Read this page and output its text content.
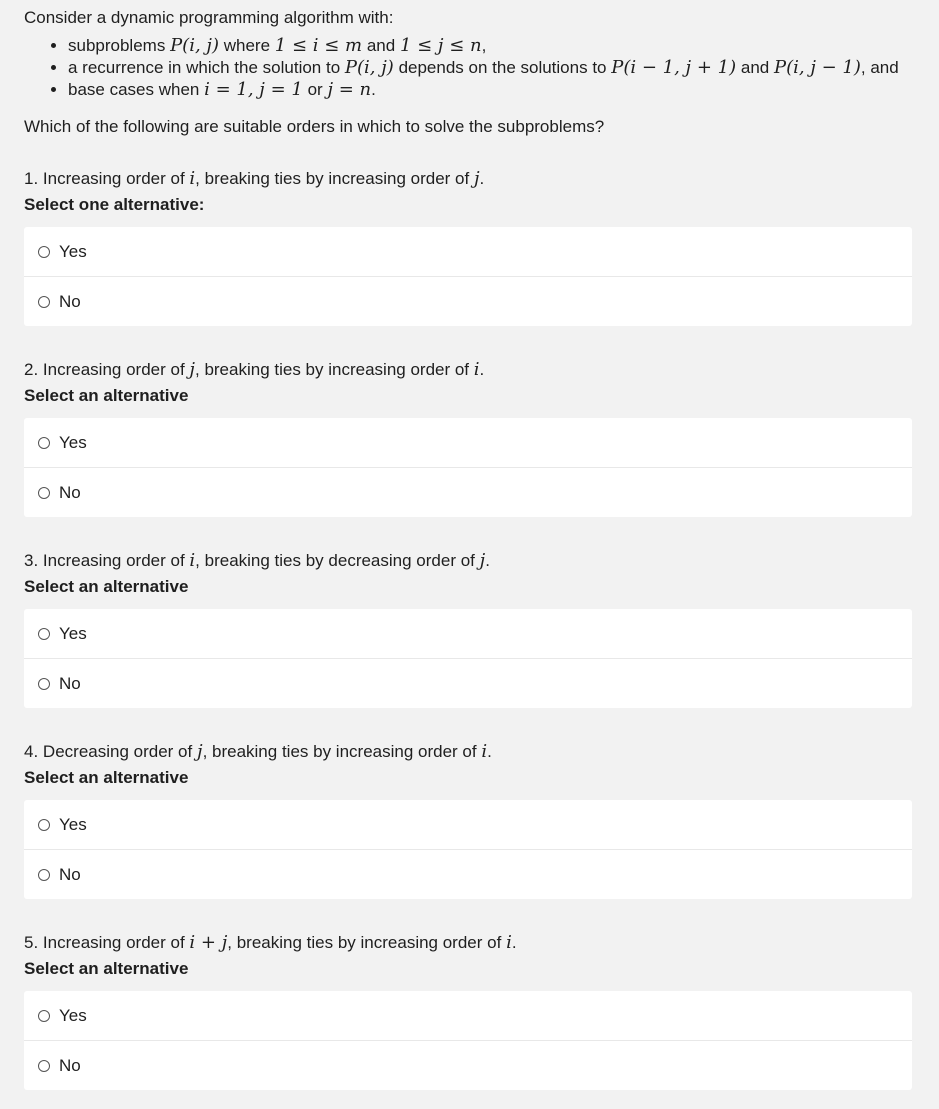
Consider a dynamic programming algorithm with:

• subproblems P(i, j) where 1 ≤ i ≤ m and 1 ≤ j ≤ n,
• a recurrence in which the solution to P(i, j) depends on the solutions to P(i − 1, j + 1) and P(i, j − 1), and
• base cases when i = 1, j = 1 or j = n.

Which of the following are suitable orders in which to solve the subproblems?

1. Increasing order of i, breaking ties by increasing order of j.
Select one alternative:
Yes
No
2. Increasing order of j, breaking ties by increasing order of i.
Select an alternative
Yes
No
3. Increasing order of i, breaking ties by decreasing order of j.
Select an alternative
Yes
No
4. Decreasing order of j, breaking ties by increasing order of i.
Select an alternative
Yes
No
5. Increasing order of i + j, breaking ties by increasing order of i.
Select an alternative
Yes
No
